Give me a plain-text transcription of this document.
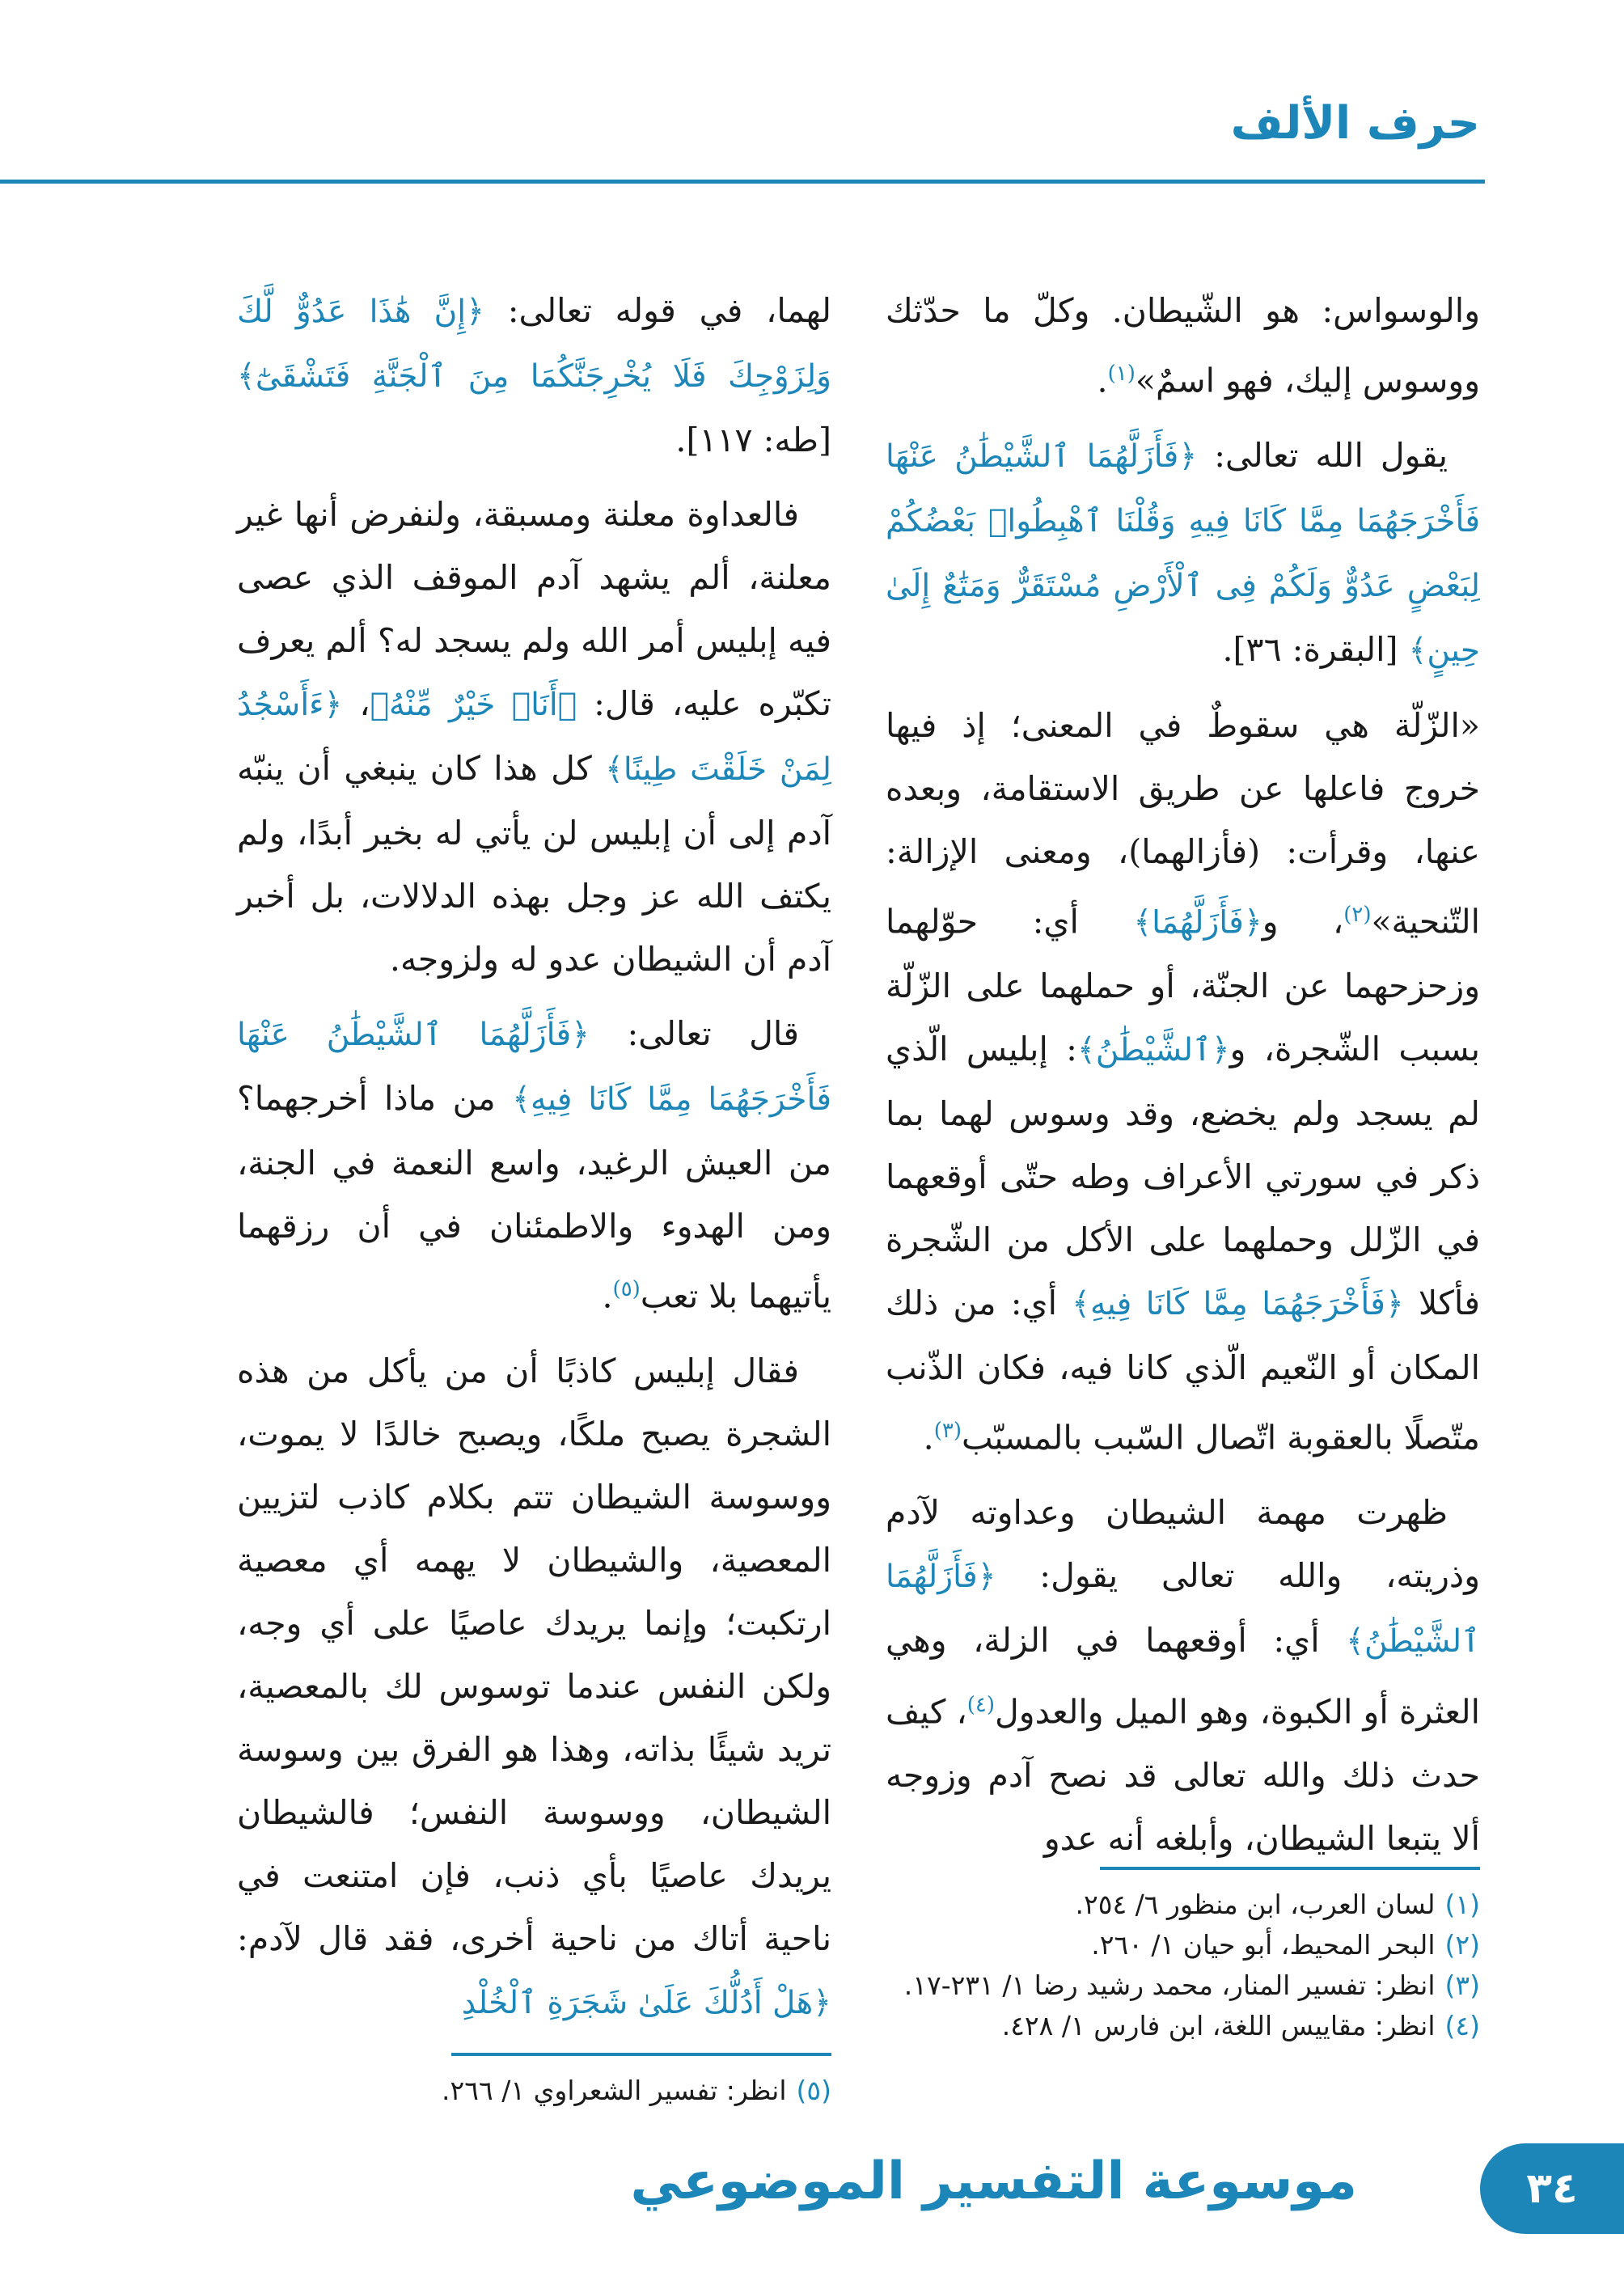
حرف الألف

والوسواس: هو الشّيطان. وكلّ ما حدّثك ووسوس إليك، فهو اسمٌ»$^{(١)}$.

يقول الله تعالى: ﴿فَأَزَلَّهُمَا ٱلشَّيْطَٰنُ عَنْهَا فَأَخْرَجَهُمَا مِمَّا كَانَا فِيهِ وَقُلْنَا ٱهْبِطُوا۟ بَعْضُكُمْ لِبَعْضٍ عَدُوٌّ وَلَكُمْ فِى ٱلْأَرْضِ مُسْتَقَرٌّ وَمَتَٰعٌ إِلَىٰ حِينٍ﴾ [البقرة: ٣٦].

«الزّلّة هي سقوطٌ في المعنى؛ إذ فيها خروج فاعلها عن طريق الاستقامة، وبعده عنها، وقرأت: (فأزالهما)، ومعنى الإزالة: التّنحية»$^{(٢)}$، و﴿فَأَزَلَّهُمَا﴾ أي: حوّلهما وزحزحهما عن الجنّة، أو حملهما على الزّلّة بسبب الشّجرة، و﴿ٱلشَّيْطَٰنُ﴾: إبليس الّذي لم يسجد ولم يخضع، وقد وسوس لهما بما ذكر في سورتي الأعراف وطه حتّى أوقعهما في الزّلل وحملهما على الأكل من الشّجرة فأكلا ﴿فَأَخْرَجَهُمَا مِمَّا كَانَا فِيهِ﴾ أي: من ذلك المكان أو النّعيم الّذي كانا فيه، فكان الذّنب متّصلًا بالعقوبة اتّصال السّبب بالمسبّب$^{(٣)}$.

ظهرت مهمة الشيطان وعداوته لآدم وذريته، والله تعالى يقول: ﴿فَأَزَلَّهُمَا ٱلشَّيْطَٰنُ﴾ أي: أوقعهما في الزلة، وهي العثرة أو الكبوة، وهو الميل والعدول$^{(٤)}$، كيف حدث ذلك والله تعالى قد نصح آدم وزوجه ألا يتبعا الشيطان، وأبلغه أنه عدو

لهما، في قوله تعالى: ﴿إِنَّ هَٰذَا عَدُوٌّ لَّكَ وَلِزَوْجِكَ فَلَا يُخْرِجَنَّكُمَا مِنَ ٱلْجَنَّةِ فَتَشْقَىٰٓ﴾ [طه: ١١٧].

فالعداوة معلنة ومسبقة، ولنفرض أنها غير معلنة، ألم يشهد آدم الموقف الذي عصى فيه إبليس أمر الله ولم يسجد له؟ ألم يعرف تكبّره عليه، قال: ﴿أَنَا۠ خَيْرٌ مِّنْهُ﴾، ﴿ءَأَسْجُدُ لِمَنْ خَلَقْتَ طِينًا﴾ كل هذا كان ينبغي أن ينبّه آدم إلى أن إبليس لن يأتي له بخير أبدًا، ولم يكتف الله عز وجل بهذه الدلالات، بل أخبر آدم أن الشيطان عدو له ولزوجه.

قال تعالى: ﴿فَأَزَلَّهُمَا ٱلشَّيْطَٰنُ عَنْهَا فَأَخْرَجَهُمَا مِمَّا كَانَا فِيهِ﴾ من ماذا أخرجهما؟ من العيش الرغيد، واسع النعمة في الجنة، ومن الهدوء والاطمئنان في أن رزقهما يأتيهما بلا تعب$^{(٥)}$.

فقال إبليس كاذبًا أن من يأكل من هذه الشجرة يصبح ملكًا، ويصبح خالدًا لا يموت، ووسوسة الشيطان تتم بكلام كاذب لتزيين المعصية، والشيطان لا يهمه أي معصية ارتكبت؛ وإنما يريدك عاصيًا على أي وجه، ولكن النفس عندما توسوس لك بالمعصية، تريد شيئًا بذاته، وهذا هو الفرق بين وسوسة الشيطان، ووسوسة النفس؛ فالشيطان يريدك عاصيًا بأي ذنب، فإن امتنعت في ناحية أتاك من ناحية أخرى، فقد قال لآدم: ﴿هَلْ أَدُلُّكَ عَلَىٰ شَجَرَةِ ٱلْخُلْدِ

(١)
لسان العرب، ابن منظور ٦/ ٢٥٤.
(٢)
البحر المحيط، أبو حيان ١/ ٢٦٠.
(٣)
انظر: تفسير المنار، محمد رشيد رضا ١/ ٢٣١-١٧.
(٤)
انظر: مقاييس اللغة، ابن فارس ١/ ٤٢٨.
(٥)
انظر: تفسير الشعراوي ١/ ٢٦٦.
موسوعة التفسير الموضوعي	٣٤
